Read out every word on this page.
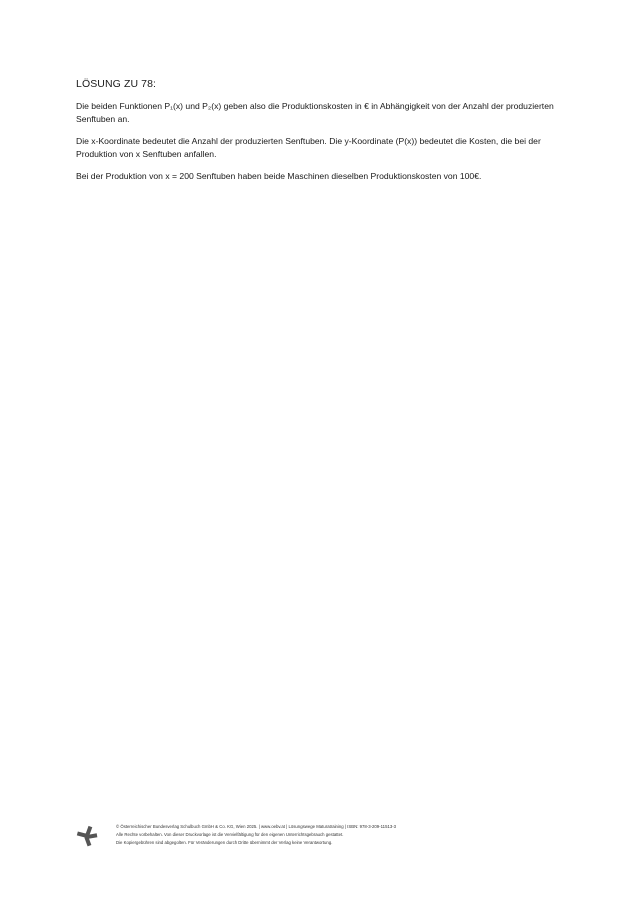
LÖSUNG ZU 78:

Die beiden Funktionen P₁(x) und P₂(x) geben also die Produktionskosten in € in Abhängigkeit von der Anzahl der produzierten Senftuben an.

Die x-Koordinate bedeutet die Anzahl der produzierten Senftuben. Die y-Koordinate (P(x)) bedeutet die Kosten, die bei der Produktion von x Senftuben anfallen.

Bei der Produktion von x = 200 Senftuben haben beide Maschinen dieselben Produktionskosten von 100€.

© Österreichischer Bundesverlag Schulbuch GmbH & Co. KG, Wien 2025. | www.oebv.at | Lösungswege Maturatraining | ISBN: 978-3-209-11513-3
Alle Rechte vorbehalten. Von dieser Druckvorlage ist die Vervielfältigung für den eigenen Unterrichtsgebrauch gestattet.
Die Kopiergebühren sind abgegolten. Für Veränderungen durch Dritte übernimmt der Verlag keine Verantwortung.
